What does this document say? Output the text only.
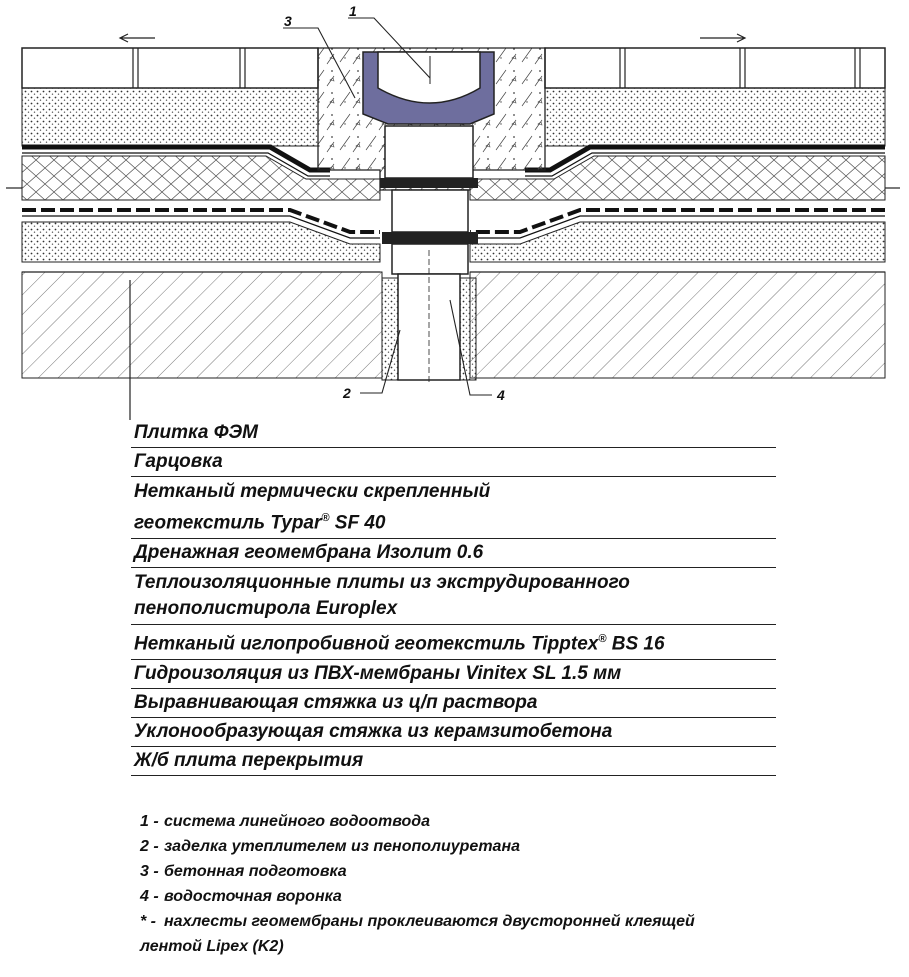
1
3
2	4
Плитка ФЭМ
Гарцовка
Нетканый термически скрепленный
геотекстиль Typar® SF 40
Дренажная геомембрана Изолит 0.6
Теплоизоляционные плиты из экструдированного
пенополистирола Europlex
Нетканый иглопробивной геотекстиль Tipptex® BS 16
Гидроизоляция из ПВХ-мембраны Vinitex SL 1.5 мм
Выравнивающая стяжка из ц/п раствора
Уклонообразующая стяжка из керамзитобетона
Ж/б плита перекрытия
1 - система линейного водоотвода
2 - заделка утеплителем из пенополиуретана
3 - бетонная подготовка
4 - водосточная воронка
* - нахлесты геомембраны проклеиваются двусторонней клеящей
лентой Lipex (K2)
